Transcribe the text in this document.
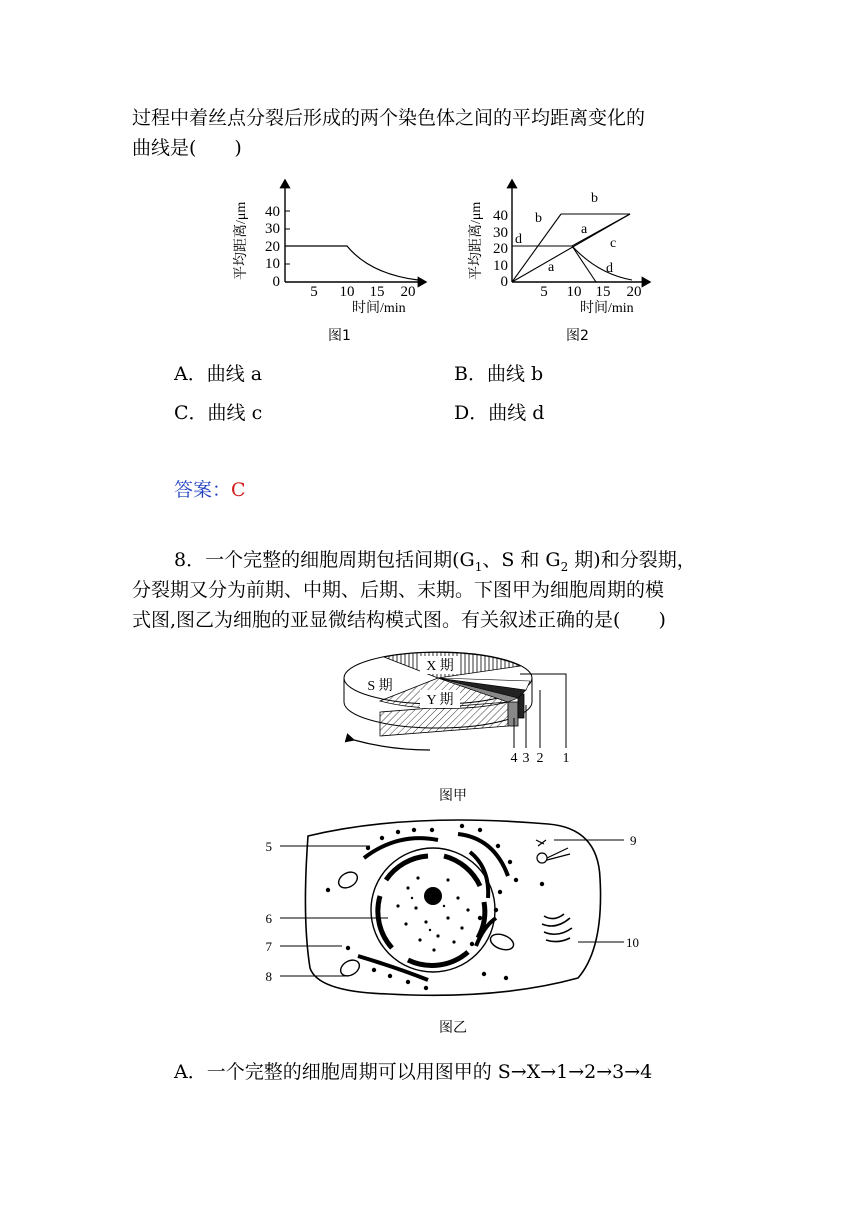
过程中着丝点分裂后形成的两个染色体之间的平均距离变化的
曲线是(　　)
40
30
20
10
0
5 10 15 20
时间/min
平均距离/μm
图1
40
30
20
10
0
5 10 15 20
a
a
b
b
c
d
d
时间/min
平均距离/μm
图2
A．曲线 a	B．曲线 b
C．曲线 c	D．曲线 d
答案：C
8．一个完整的细胞周期包括间期($G_1$、S 和 $G_2$ 期)和分裂期，
分裂期又分为前期、中期、后期、末期。下图甲为细胞周期的模
式图,图乙为细胞的亚显微结构模式图。有关叙述正确的是(　　)
X 期
S 期
Y 期
4 3 2 1
图甲
5
6
7
8
9
10
图乙
A．一个完整的细胞周期可以用图甲的 S→X→1→2→3→4
